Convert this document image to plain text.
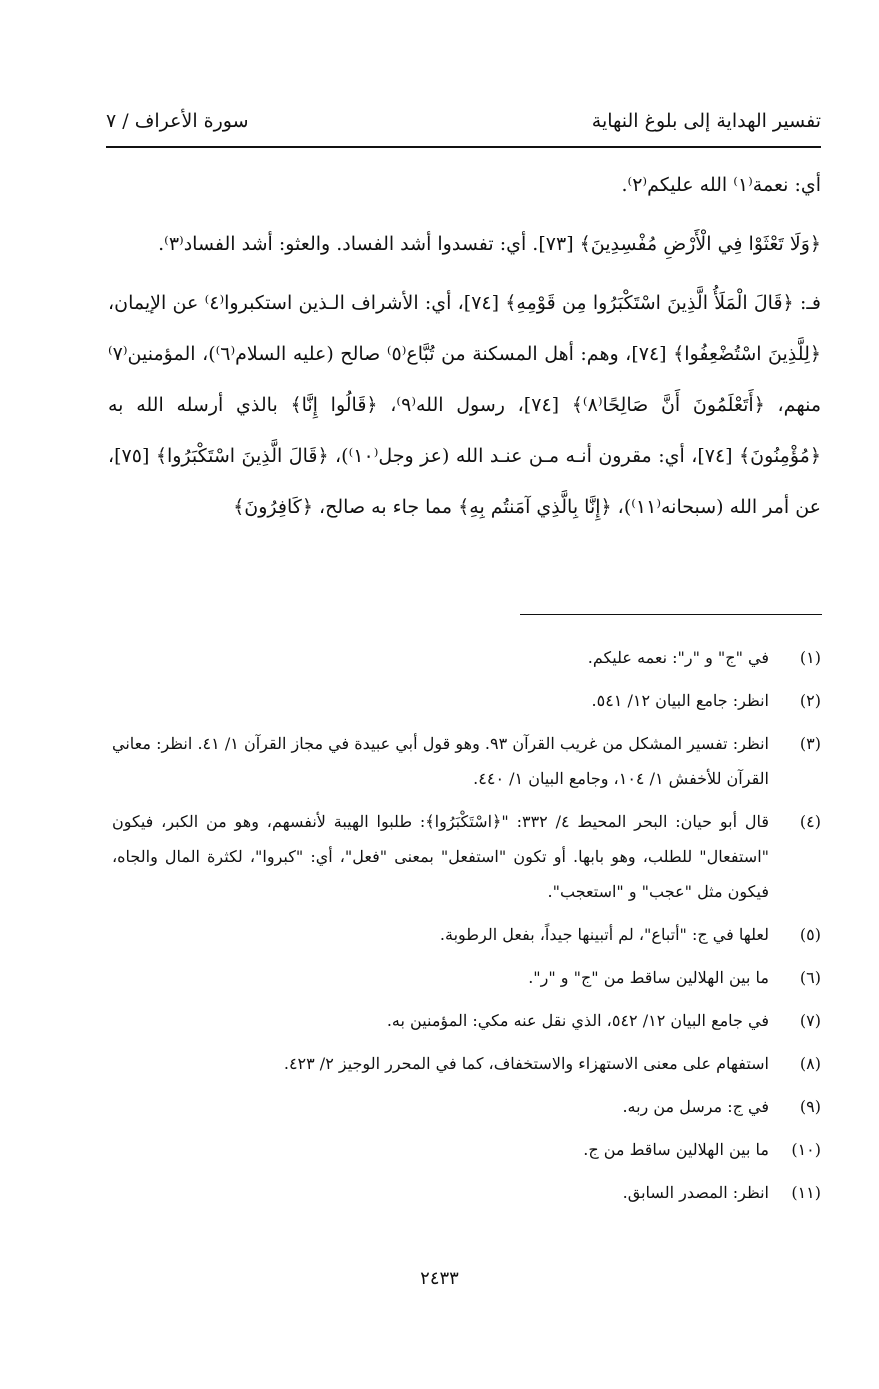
تفسير الهداية إلى بلوغ النهاية
سورة الأعراف / ٧

أي: نعمة⁽١⁾ الله عليكم⁽٢⁾.

﴿وَلَا تَعْثَوْا فِي الْأَرْضِ مُفْسِدِينَ﴾ [٧٣]. أي: تفسدوا أشد الفساد. والعثو: أشد الفساد⁽٣⁾.

فـ: ﴿قَالَ الْمَلَأُ الَّذِينَ اسْتَكْبَرُوا مِن قَوْمِهِ﴾ [٧٤]، أي: الأشراف الـذين استكبروا⁽٤⁾ عن الإيمان، ﴿لِلَّذِينَ اسْتُضْعِفُوا﴾ [٧٤]، وهم: أهل المسكنة من تُبَّاع⁽٥⁾ صالح (عليه السلام⁽٦⁾)، المؤمنين⁽٧⁾ منهم، ﴿أَتَعْلَمُونَ أَنَّ صَالِحًا⁽٨⁾﴾ [٧٤]، رسول الله⁽٩⁾، ﴿قَالُوا إِنَّا﴾ بالذي أرسله الله به ﴿مُؤْمِنُونَ﴾ [٧٤]، أي: مقرون أنـه مـن عنـد الله (عز وجل⁽١٠⁾)، ﴿قَالَ الَّذِينَ اسْتَكْبَرُوا﴾ [٧٥]، عن أمر الله (سبحانه⁽١١⁾)، ﴿إِنَّا بِالَّذِي آمَنتُم بِهِ﴾ مما جاء به صالح، ﴿كَافِرُونَ﴾

(١)
في "ج" و "ر": نعمه عليكم.
(٢)
انظر: جامع البيان ١٢/ ٥٤١.
(٣)
انظر: تفسير المشكل من غريب القرآن ٩٣. وهو قول أبي عبيدة في مجاز القرآن ١/ ٤١. انظر: معاني القرآن للأخفش ١/ ١٠٤، وجامع البيان ١/ ٤٤٠.
(٤)
قال أبو حيان: البحر المحيط ٤/ ٣٣٢: "﴿اسْتَكْبَرُوا﴾: طلبوا الهيبة لأنفسهم، وهو من الكبر، فيكون "استفعال" للطلب، وهو بابها. أو تكون "استفعل" بمعنى "فعل"، أي: "كبروا"، لكثرة المال والجاه، فيكون مثل "عجب" و "استعجب".
(٥)
لعلها في ج: "أتباع"، لم أتبينها جيداً، بفعل الرطوبة.
(٦)
ما بين الهلالين ساقط من "ج" و "ر".
(٧)
في جامع البيان ١٢/ ٥٤٢، الذي نقل عنه مكي: المؤمنين به.
(٨)
استفهام على معنى الاستهزاء والاستخفاف، كما في المحرر الوجيز ٢/ ٤٢٣.
(٩)
في ج: مرسل من ربه.
(١٠)
ما بين الهلالين ساقط من ج.
(١١)
انظر: المصدر السابق.
٢٤٣٣
